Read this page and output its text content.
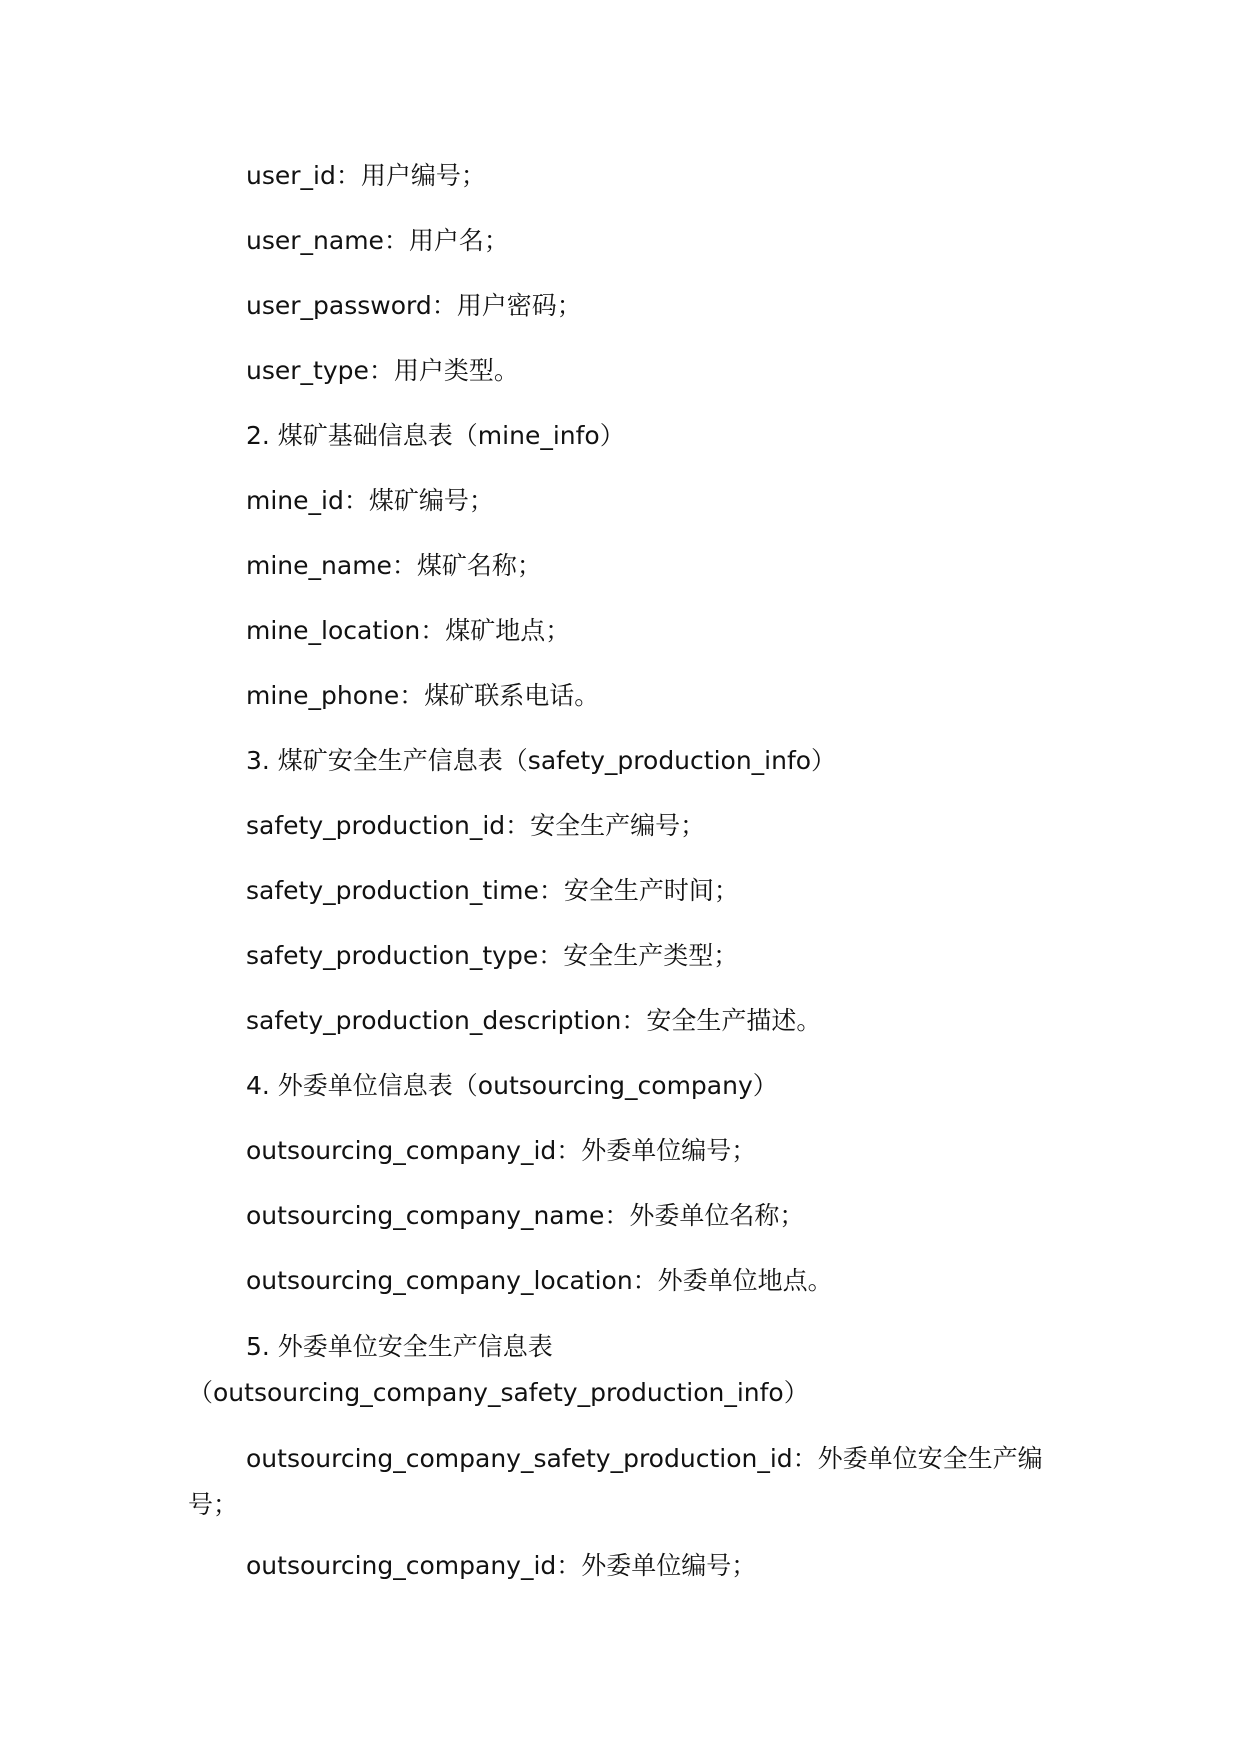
user_id：用户编号；
user_name：用户名；
user_password：用户密码；
user_type：用户类型。
2. 煤矿基础信息表（mine_info）
mine_id：煤矿编号；
mine_name：煤矿名称；
mine_location：煤矿地点；
mine_phone：煤矿联系电话。
3. 煤矿安全生产信息表（safety_production_info）
safety_production_id：安全生产编号；
safety_production_time：安全生产时间；
safety_production_type：安全生产类型；
safety_production_description：安全生产描述。
4. 外委单位信息表（outsourcing_company）
outsourcing_company_id：外委单位编号；
outsourcing_company_name：外委单位名称；
outsourcing_company_location：外委单位地点。
5. 外委单位安全生产信息表（outsourcing_company_safety_production_info）
outsourcing_company_safety_production_id：外委单位安全生产编号；
outsourcing_company_id：外委单位编号；
